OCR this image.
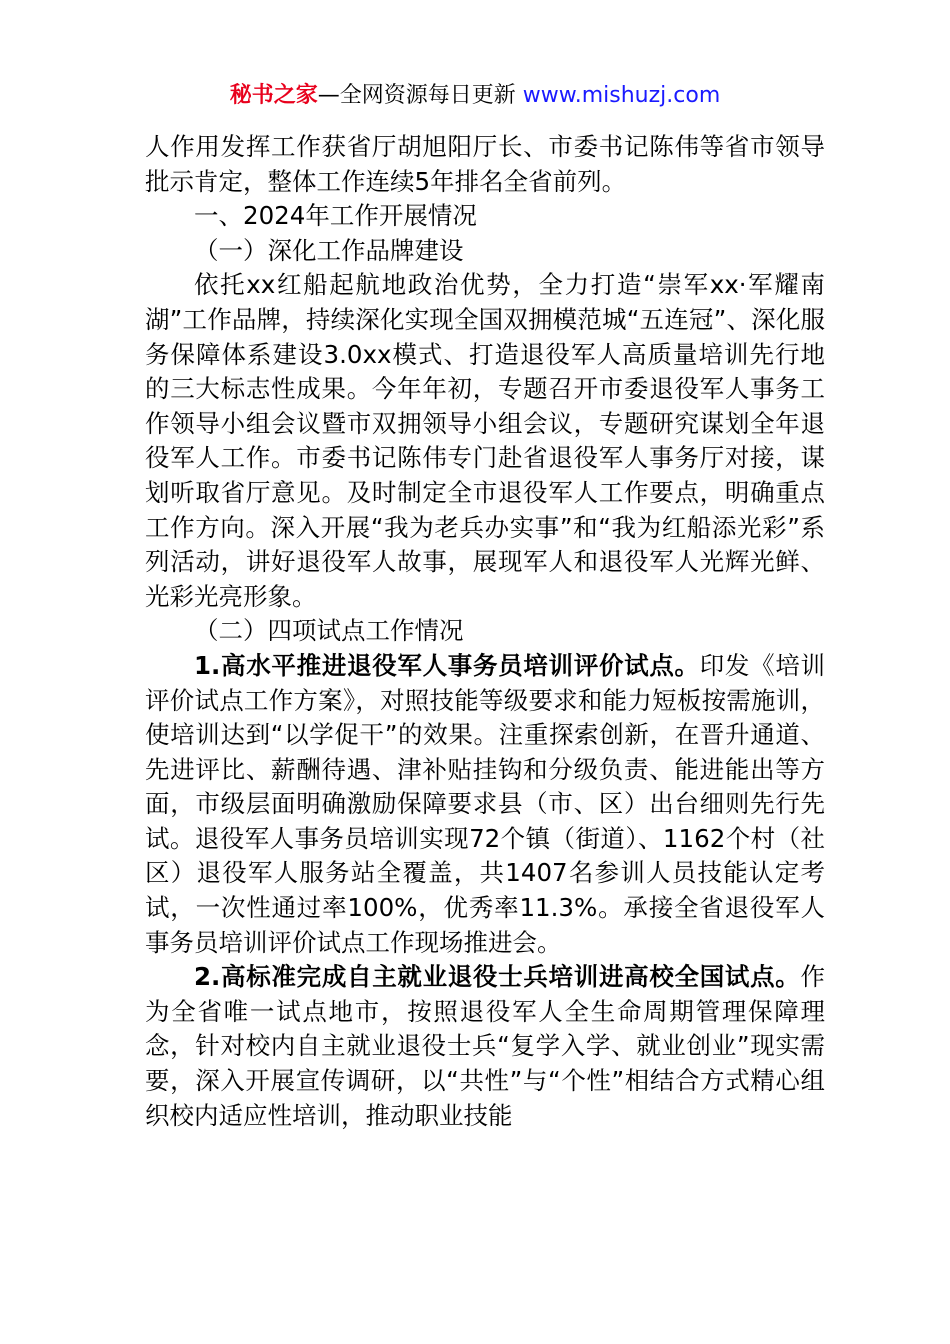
秘书之家—全网资源每日更新 www.mishuzj.com

人作用发挥工作获省厅胡旭阳厅长、市委书记陈伟等省市领导批示肯定，整体工作连续5年排名全省前列。

一、2024年工作开展情况

（一）深化工作品牌建设

依托xx红船起航地政治优势，全力打造“崇军xx·军耀南湖”工作品牌，持续深化实现全国双拥模范城“五连冠”、深化服务保障体系建设3.0xx模式、打造退役军人高质量培训先行地的三大标志性成果。今年年初，专题召开市委退役军人事务工作领导小组会议暨市双拥领导小组会议，专题研究谋划全年退役军人工作。市委书记陈伟专门赴省退役军人事务厅对接，谋划听取省厅意见。及时制定全市退役军人工作要点，明确重点工作方向。深入开展“我为老兵办实事”和“我为红船添光彩”系列活动，讲好退役军人故事，展现军人和退役军人光辉光鲜、光彩光亮形象。

（二）四项试点工作情况

1.高水平推进退役军人事务员培训评价试点。印发《培训评价试点工作方案》，对照技能等级要求和能力短板按需施训，使培训达到“以学促干”的效果。注重探索创新，在晋升通道、先进评比、薪酬待遇、津补贴挂钩和分级负责、能进能出等方面，市级层面明确激励保障要求县（市、区）出台细则先行先试。退役军人事务员培训实现72个镇（街道）、1162个村（社区）退役军人服务站全覆盖，共1407名参训人员技能认定考试，一次性通过率100%，优秀率11.3%。承接全省退役军人事务员培训评价试点工作现场推进会。

2.高标准完成自主就业退役士兵培训进高校全国试点。作为全省唯一试点地市，按照退役军人全生命周期管理保障理念，针对校内自主就业退役士兵“复学入学、就业创业”现实需要，深入开展宣传调研，以“共性”与“个性”相结合方式精心组织校内适应性培训，推动职业技能
